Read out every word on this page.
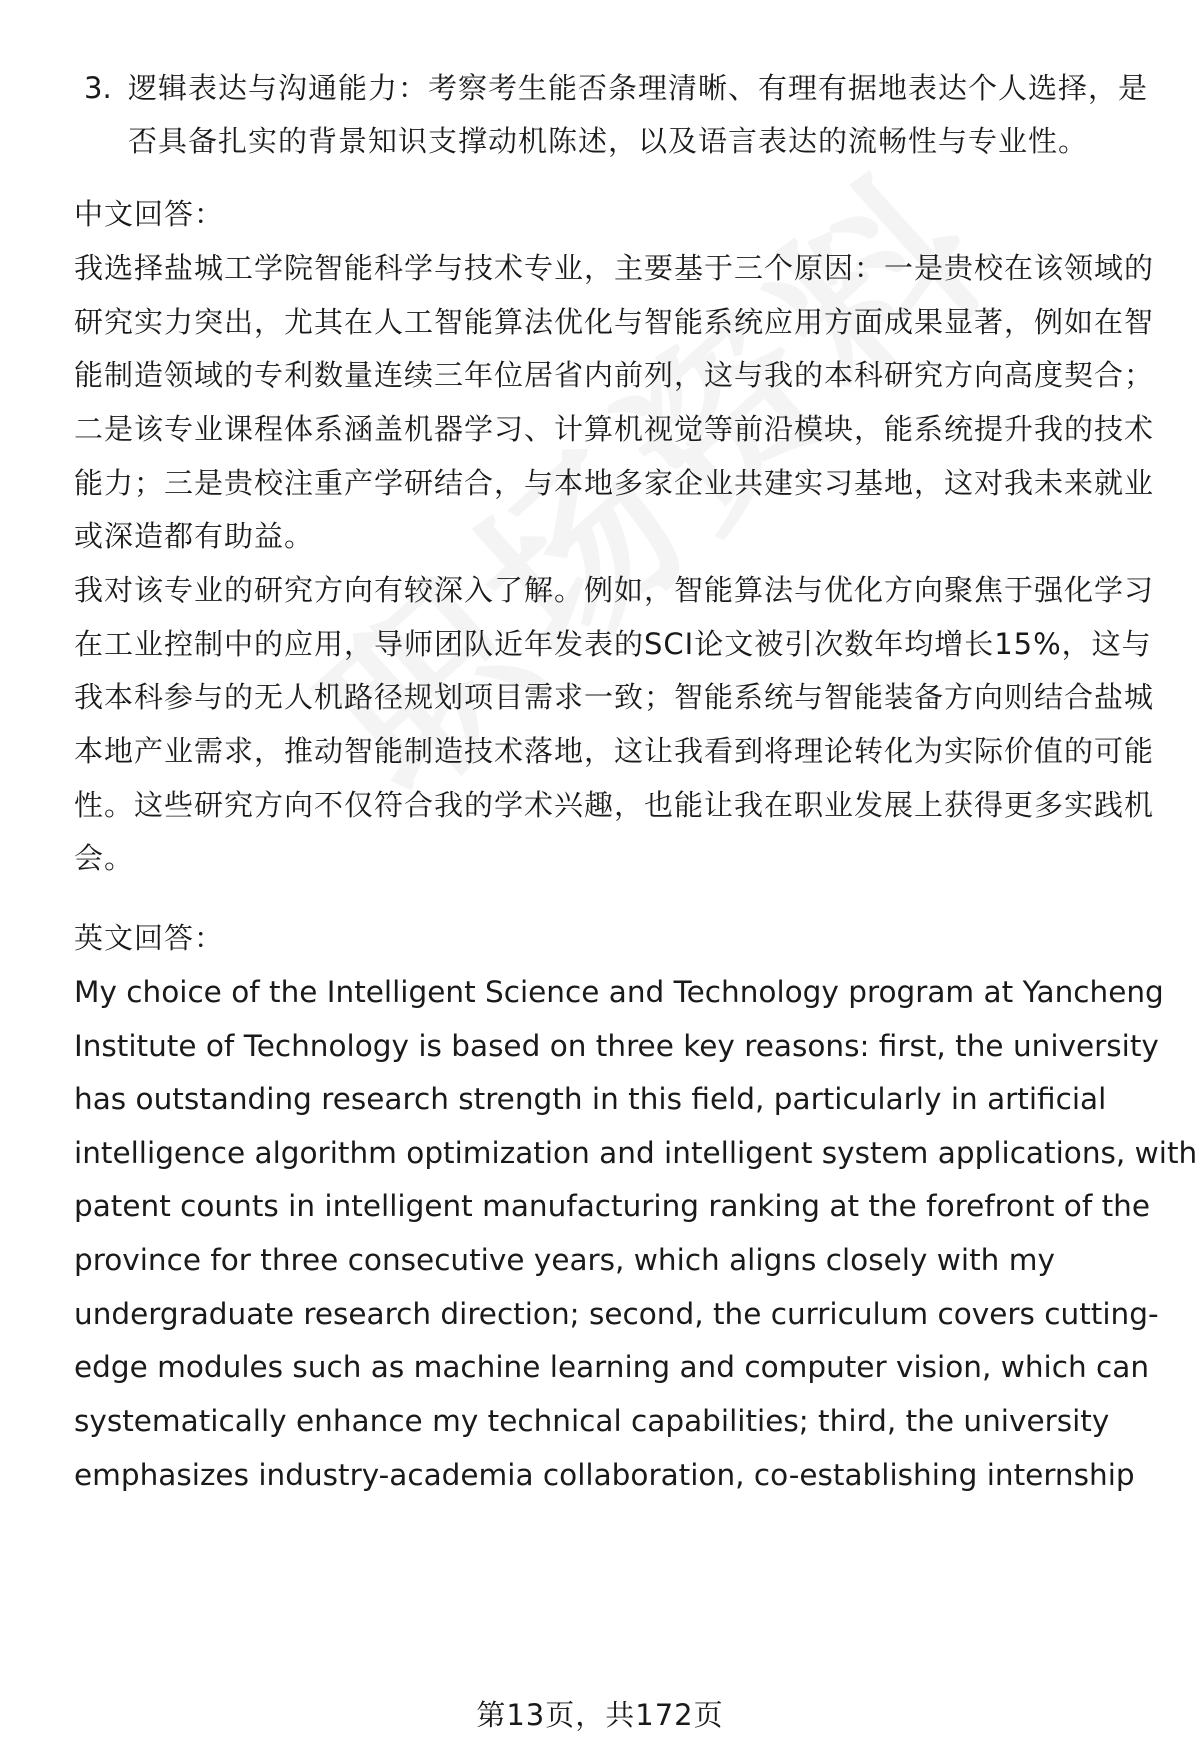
3. 逻辑表达与沟通能力：考察考生能否条理清晰、有理有据地表达个人选择，是
否具备扎实的背景知识支撑动机陈述，以及语言表达的流畅性与专业性。
中文回答：
我选择盐城工学院智能科学与技术专业，主要基于三个原因：一是贵校在该领域的
研究实力突出，尤其在人工智能算法优化与智能系统应用方面成果显著，例如在智
能制造领域的专利数量连续三年位居省内前列，这与我的本科研究方向高度契合；
二是该专业课程体系涵盖机器学习、计算机视觉等前沿模块，能系统提升我的技术
能力；三是贵校注重产学研结合，与本地多家企业共建实习基地，这对我未来就业
或深造都有助益。
我对该专业的研究方向有较深入了解。例如，智能算法与优化方向聚焦于强化学习
在工业控制中的应用，导师团队近年发表的SCI论文被引次数年均增长15%，这与
我本科参与的无人机路径规划项目需求一致；智能系统与智能装备方向则结合盐城
本地产业需求，推动智能制造技术落地，这让我看到将理论转化为实际价值的可能
性。这些研究方向不仅符合我的学术兴趣，也能让我在职业发展上获得更多实践机
会。
英文回答：
My choice of the Intelligent Science and Technology program at Yancheng
Institute of Technology is based on three key reasons: first, the university
has outstanding research strength in this field, particularly in artificial
intelligence algorithm optimization and intelligent system applications, with
patent counts in intelligent manufacturing ranking at the forefront of the
province for three consecutive years, which aligns closely with my
undergraduate research direction; second, the curriculum covers cutting-
edge modules such as machine learning and computer vision, which can
systematically enhance my technical capabilities; third, the university
emphasizes industry-academia collaboration, co-establishing internship
第13页，共172页
